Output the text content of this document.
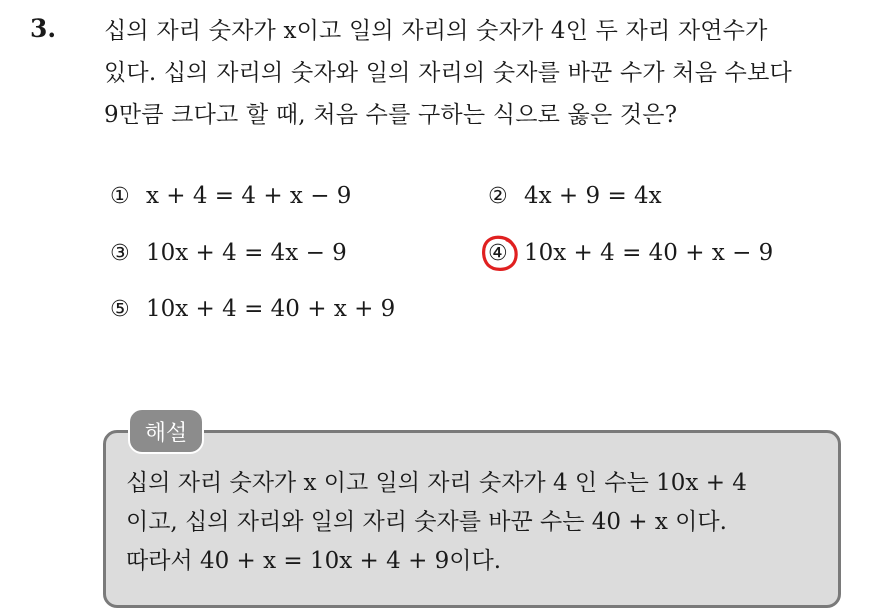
3. 십의 자리 숫자가 x이고 일의 자리의 숫자가 4인 두 자리 자연수가
있다. 십의 자리의 숫자와 일의 자리의 숫자를 바꾼 수가 처음 수보다
9만큼 크다고 할 때, 처음 수를 구하는 식으로 옳은 것은?
① x + 4 = 4 + x − 9	② 4x + 9 = 4x
③ 10x + 4 = 4x − 9	④ 10x + 4 = 40 + x − 9
⑤ 10x + 4 = 40 + x + 9
해설
십의 자리 숫자가 x 이고 일의 자리 숫자가 4 인 수는 10x + 4
이고, 십의 자리와 일의 자리 숫자를 바꾼 수는 40 + x 이다.
따라서 40 + x = 10x + 4 + 9이다.
